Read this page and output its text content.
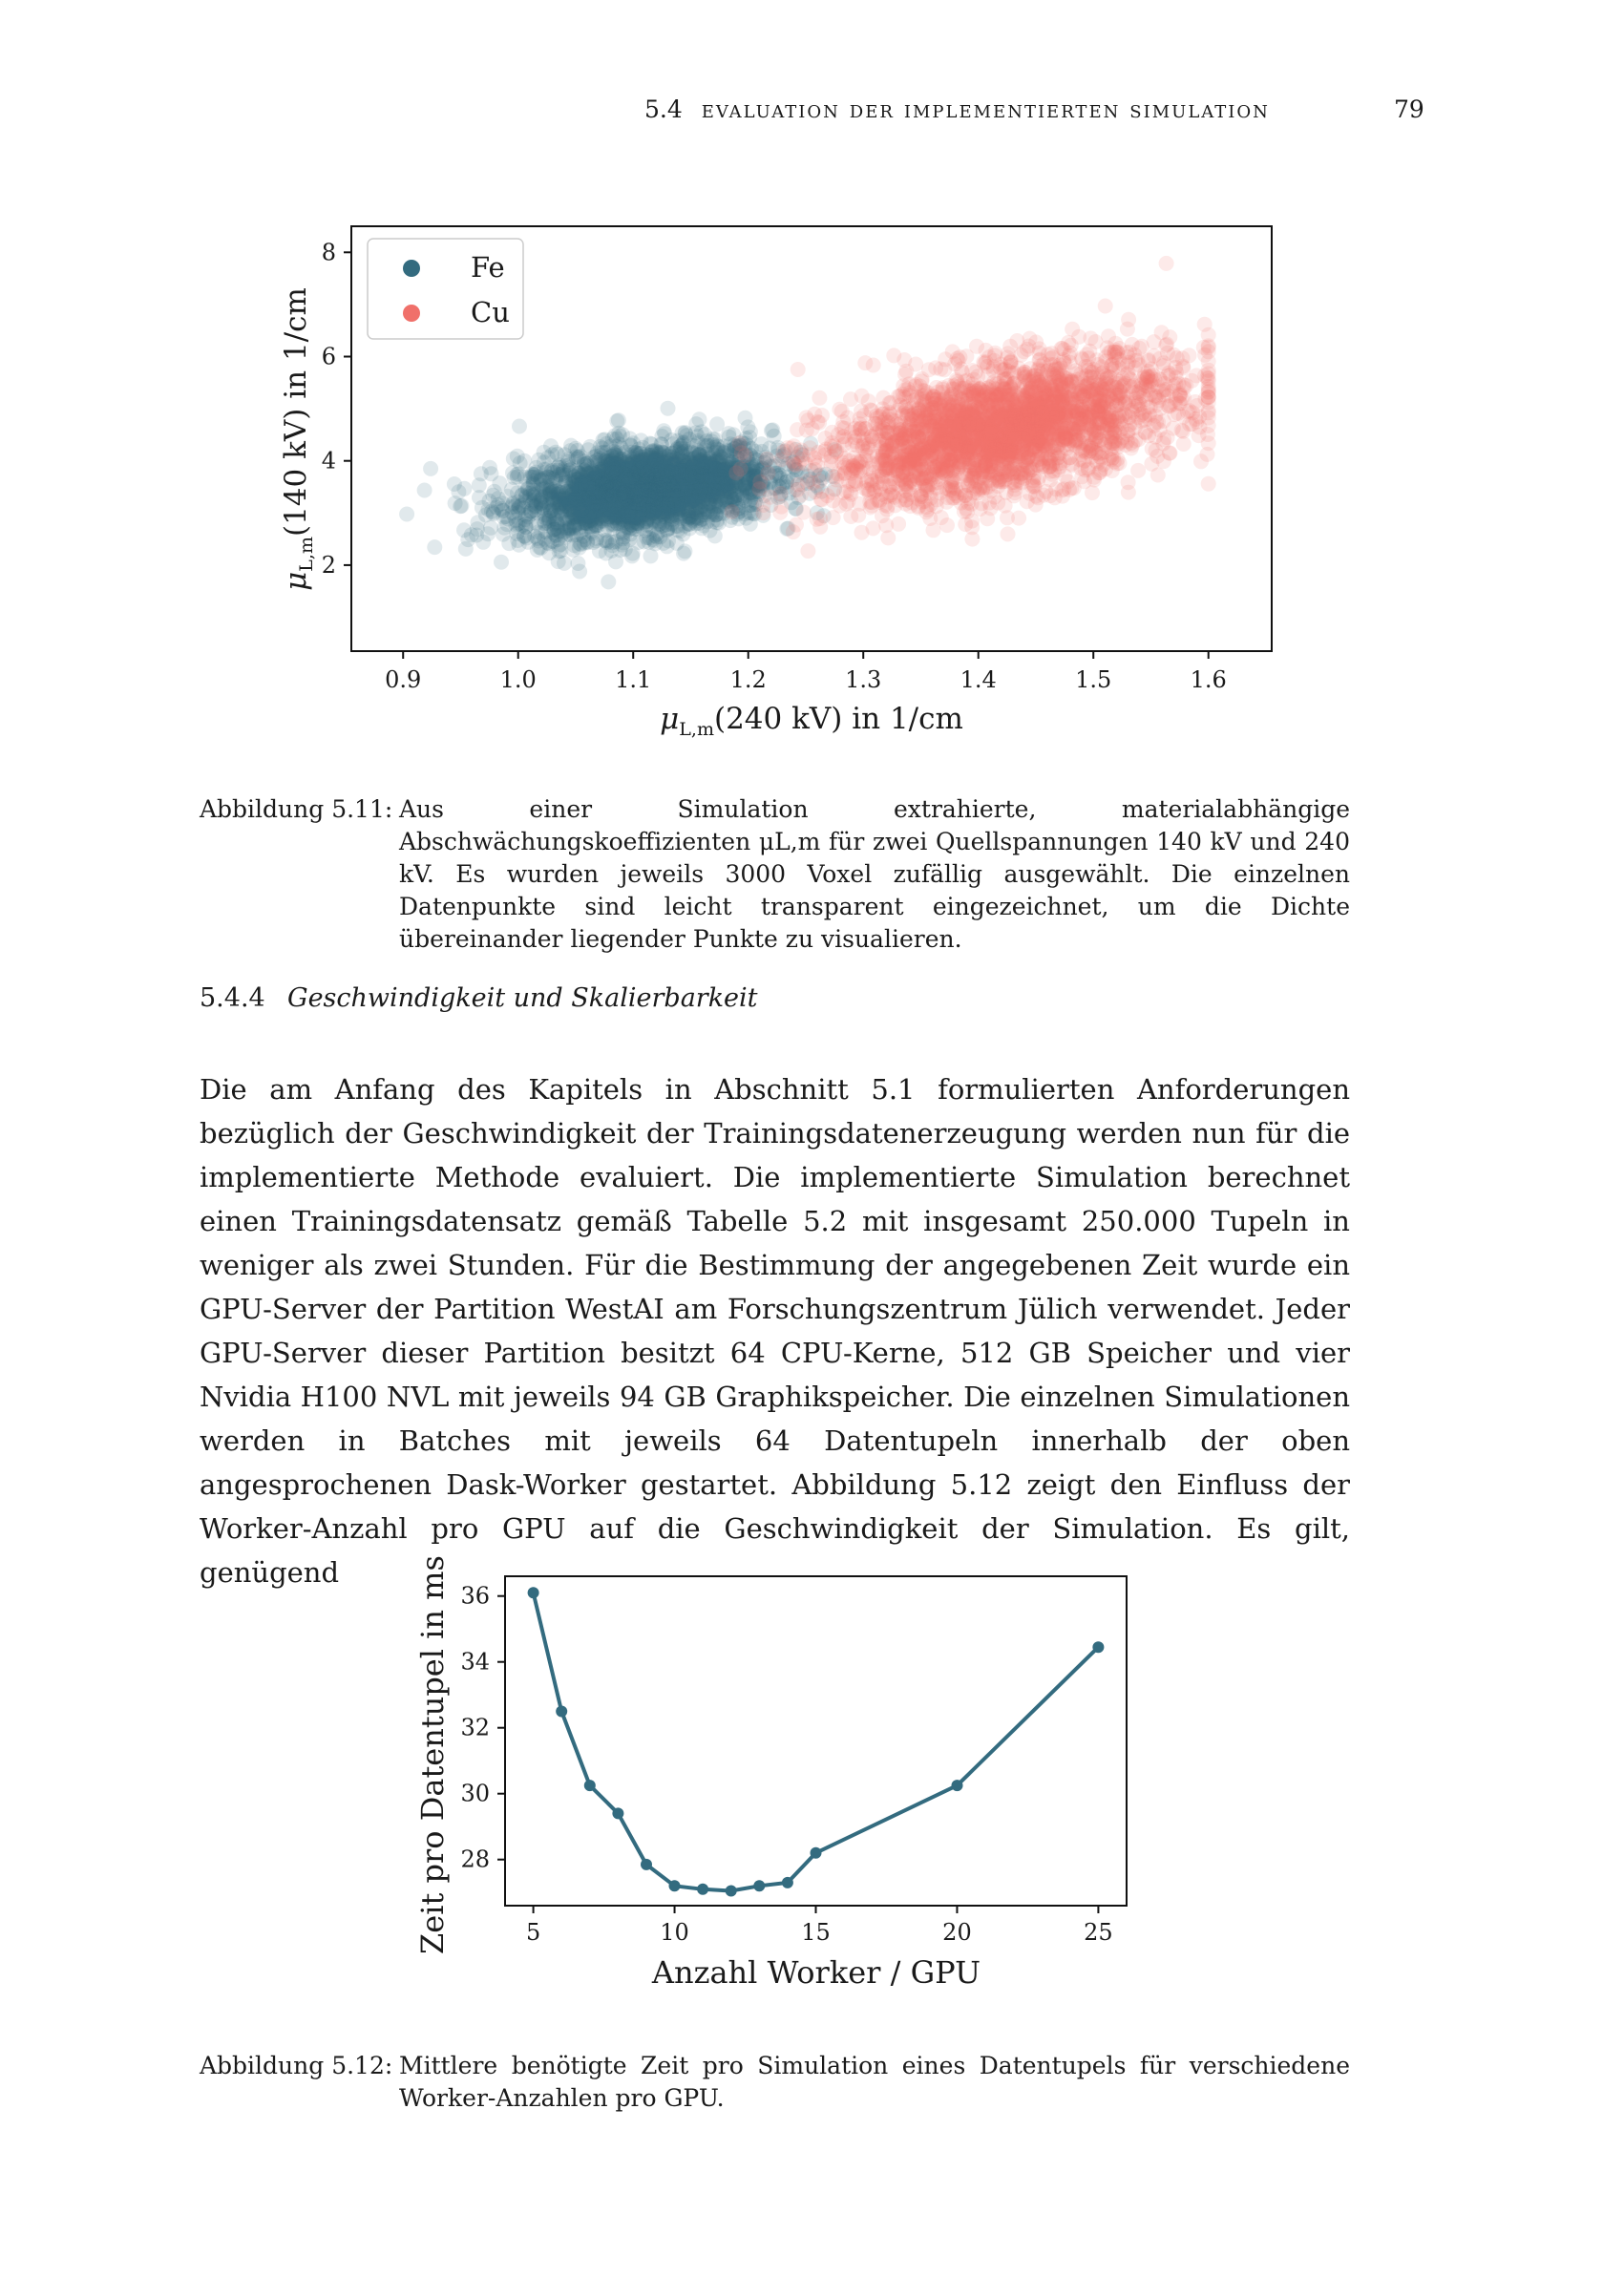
5.4 evaluation der implementierten simulation	79
0.9	1.0	1.1	1.2	1.3	1.4	1.5	1.6
2
4
6
8	Fe
Cu
$\mu_{L,m}(240$ kV) in 1/cm
$\mu_{L,m}(140$ kV) in 1/cm
Abbildung 5.11: Aus einer Simulation extrahierte, materialabhängige Abschwächungskoeffizienten μL,m für zwei Quellspannungen 140 kV und 240 kV. Es wurden jeweils 3000 Voxel zufällig ausgewählt. Die einzelnen Datenpunkte sind leicht transparent eingezeichnet, um die Dichte übereinander liegender Punkte zu visualieren.
5.4.4 Geschwindigkeit und Skalierbarkeit
Die am Anfang des Kapitels in Abschnitt 5.1 formulierten Anforderungen bezüglich der Geschwindigkeit der Trainingsdatenerzeugung werden nun für die implementierte Methode evaluiert. Die implementierte Simulation berechnet einen Trainingsdatensatz gemäß Tabelle 5.2 mit insgesamt 250.000 Tupeln in weniger als zwei Stunden. Für die Bestimmung der angegebenen Zeit wurde ein GPU-Server der Partition WestAI am Forschungszentrum Jülich verwendet. Jeder GPU-Server dieser Partition besitzt 64 CPU-Kerne, 512 GB Speicher und vier Nvidia H100 NVL mit jeweils 94 GB Graphikspeicher. Die einzelnen Simulationen werden in Batches mit jeweils 64 Datentupeln innerhalb der oben angesprochenen Dask-Worker gestartet. Abbildung 5.12 zeigt den Einfluss der Worker-Anzahl pro GPU auf die Geschwindigkeit der Simulation. Es gilt, genügend
5	10	15	20	25
28
30
32
34
36
Anzahl Worker / GPU
Zeit pro Datentupel in ms
Abbildung 5.12: Mittlere benötigte Zeit pro Simulation eines Datentupels für verschiedene Worker-Anzahlen pro GPU.
